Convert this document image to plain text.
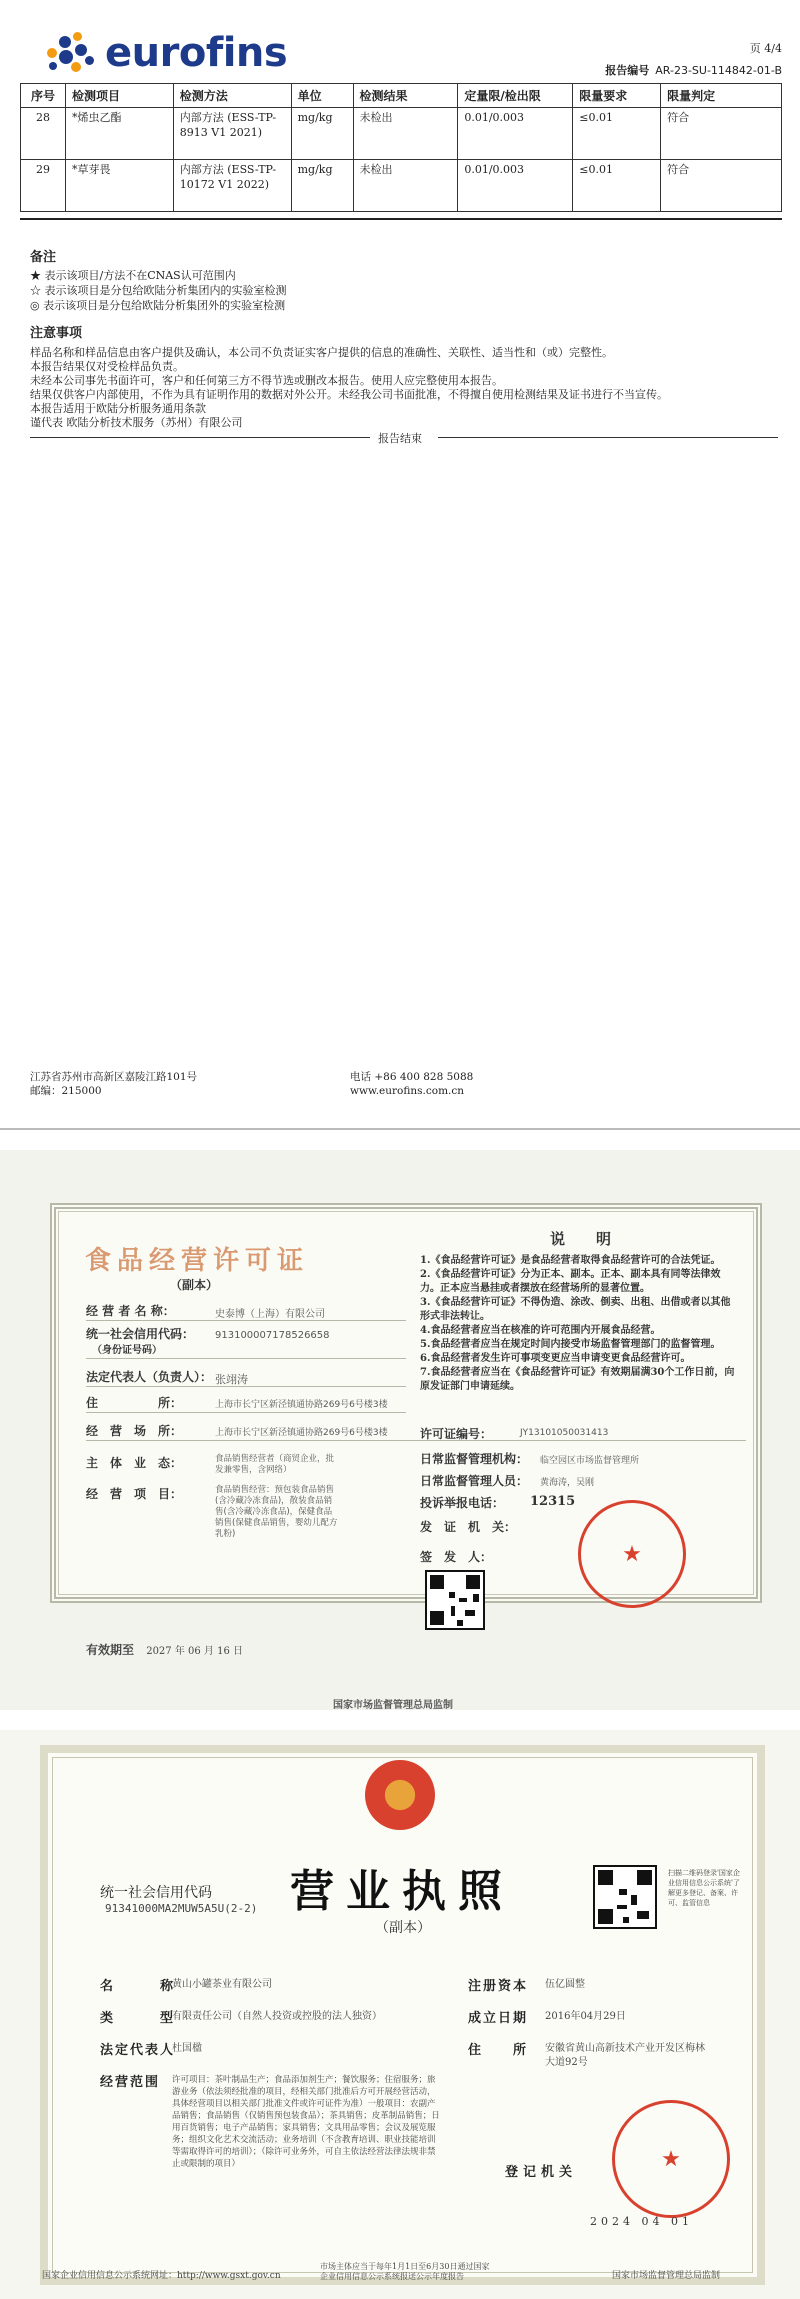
eurofins	页 4/4
报告编号 AR-23-SU-114842-01-B
序号	检测项目	检测方法	单位	检测结果	定量限/检出限	限量要求	限量判定
28	*烯虫乙酯	内部方法 (ESS-TP-8913 V1 2021)	mg/kg	未检出	0.01/0.003	≤0.01	符合
29	*草芽畏	内部方法 (ESS-TP-10172 V1 2022)	mg/kg	未检出	0.01/0.003	≤0.01	符合
备注
★ 表示该项目/方法不在CNAS认可范围内
☆ 表示该项目是分包给欧陆分析集团内的实验室检测
◎ 表示该项目是分包给欧陆分析集团外的实验室检测
注意事项
样品名称和样品信息由客户提供及确认，本公司不负责证实客户提供的信息的准确性、关联性、适当性和（或）完整性。
本报告结果仅对受检样品负责。
未经本公司事先书面许可，客户和任何第三方不得节选或删改本报告。使用人应完整使用本报告。
结果仅供客户内部使用，不作为具有证明作用的数据对外公开。未经我公司书面批准，不得擅自使用检测结果及证书进行不当宣传。
本报告适用于欧陆分析服务通用条款
谨代表 欧陆分析技术服务（苏州）有限公司
报告结束
江苏省苏州市高新区嘉陵江路101号
邮编：215000
电话 +86 400 828 5088
www.eurofins.com.cn
食品经营许可证
（副本）
经 营 者 名 称：	史泰博（上海）有限公司
统一社会信用代码：
（身份证号码）
913100007178526658
法定代表人（负责人）： 张翊涛
住　　　　　所：	上海市长宁区新泾镇通协路269号6号楼3楼
经　营　场　所：	上海市长宁区新泾镇通协路269号6号楼3楼
主　体　业　态：	食品销售经营者（商贸企业，批发兼零售，含网络）
经　营　项　目：	食品销售经营：预包装食品销售(含冷藏冷冻食品)，散装食品销售(含冷藏冷冻食品)，保健食品销售(保健食品销售，婴幼儿配方乳粉)
许可证编号：	JY13101050031413
日常监督管理机构： 临空园区市场监督管理所
日常监督管理人员： 黄海涛，吴刚
投诉举报电话： 12315
发　证　机　关：
签　发　人：	★
说　明
1.《食品经营许可证》是食品经营者取得食品经营许可的合法凭证。
2.《食品经营许可证》分为正本、副本。正本、副本具有同等法律效力。正本应当悬挂或者摆放在经营场所的显著位置。
3.《食品经营许可证》不得伪造、涂改、倒卖、出租、出借或者以其他形式非法转让。
4.食品经营者应当在核准的许可范围内开展食品经营。
5.食品经营者应当在规定时间内接受市场监督管理部门的监督管理。
6.食品经营者发生许可事项变更应当申请变更食品经营许可。
7.食品经营者应当在《食品经营许可证》有效期届满30个工作日前，向原发证部门申请延续。
有效期至 2027 年 06 月 16 日
国家市场监督管理总局监制
营业执照
（副本）
统一社会信用代码
91341000MA2MUW5A5U(2-2)
扫描二维码登录'国家企业信用信息公示系统'了解更多登记、备案、许可、监管信息
名　　　称
黄山小罐茶业有限公司
类　　　型
有限责任公司（自然人投资或控股的法人独资）
法定代表人
杜国楹
经营范围 许可项目：茶叶制品生产；食品添加剂生产；餐饮服务；住宿服务；旅游业务（依法须经批准的项目，经相关部门批准后方可开展经营活动，具体经营项目以相关部门批准文件或许可证件为准）一般项目：农副产品销售；食品销售（仅销售预包装食品）；茶具销售；皮革制品销售；日用百货销售；电子产品销售；家具销售；文具用品零售；会议及展览服务；组织文化艺术交流活动；业务培训（不含教育培训、职业技能培训等需取得许可的培训）；（除许可业务外，可自主依法经营法律法规非禁止或限制的项目）
注册资本 伍亿圆整
成立日期 2016年04月29日
住　　所 安徽省黄山高新技术产业开发区梅林大道92号
登记机关
★
2024 04 01
国家企业信用信息公示系统网址：http://www.gsxt.gov.cn
市场主体应当于每年1月1日至6月30日通过国家企业信用信息公示系统报送公示年度报告	国家市场监督管理总局监制
